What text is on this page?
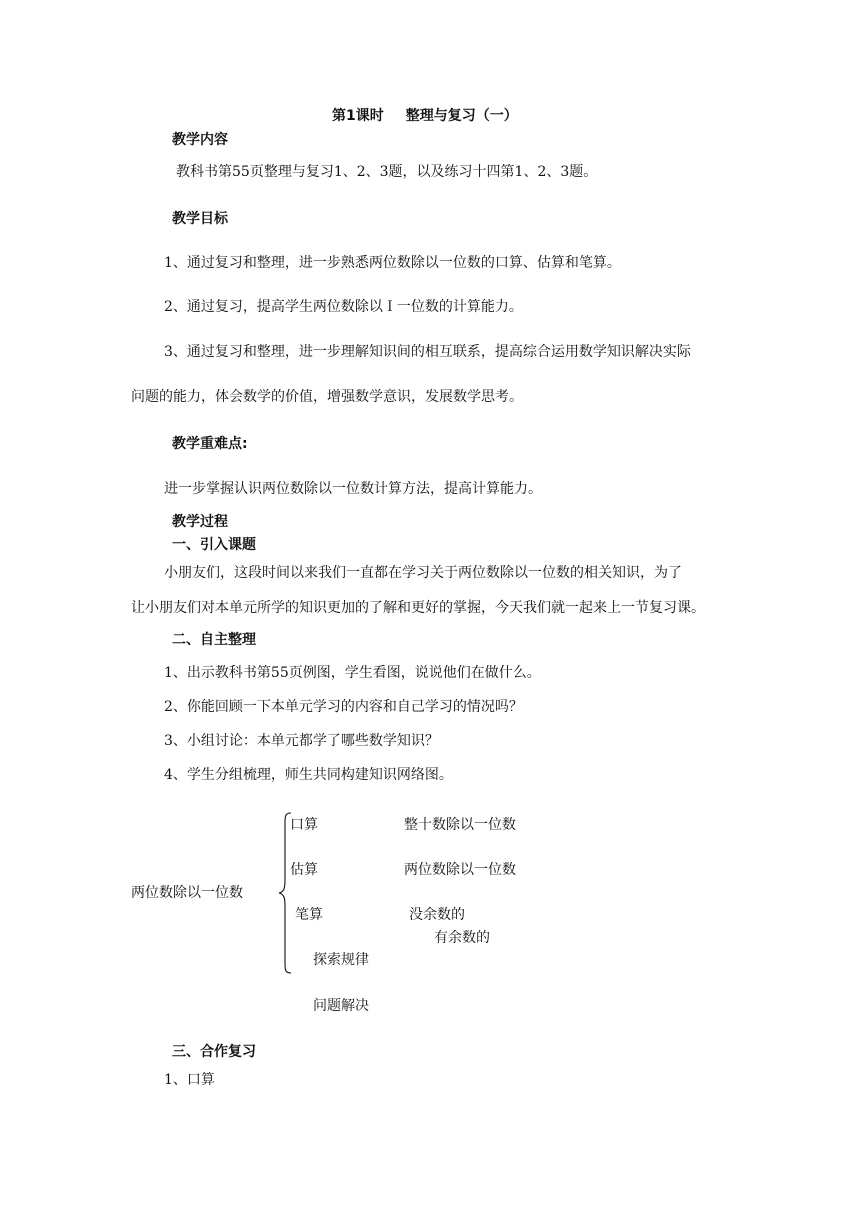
第1课时 整理与复习（一）
教学内容
教科书第55页整理与复习1、2、3题，以及练习十四第1、2、3题。
教学目标
1、通过复习和整理，进一步熟悉两位数除以一位数的口算、估算和笔算。
2、通过复习，提高学生两位数除以Ｉ一位数的计算能力。
3、通过复习和整理，进一步理解知识间的相互联系，提高综合运用数学知识解决实际
问题的能力，体会数学的价值，增强数学意识，发展数学思考。
教学重难点:
进一步掌握认识两位数除以一位数计算方法，提高计算能力。
教学过程
一、引入课题
小朋友们，这段时间以来我们一直都在学习关于两位数除以一位数的相关知识，为了
让小朋友们对本单元所学的知识更加的了解和更好的掌握，今天我们就一起来上一节复习课。
二、自主整理
1、出示教科书第55页例图，学生看图，说说他们在做什么。
2、你能回顾一下本单元学习的内容和自己学习的情况吗？
3、小组讨论：本单元都学了哪些数学知识？
4、学生分组梳理，师生共同构建知识网络图。
两位数除以一位数
口算	整十数除以一位数
估算	两位数除以一位数
笔算	没余数的
有余数的
探索规律
问题解决
三、合作复习
1、口算
